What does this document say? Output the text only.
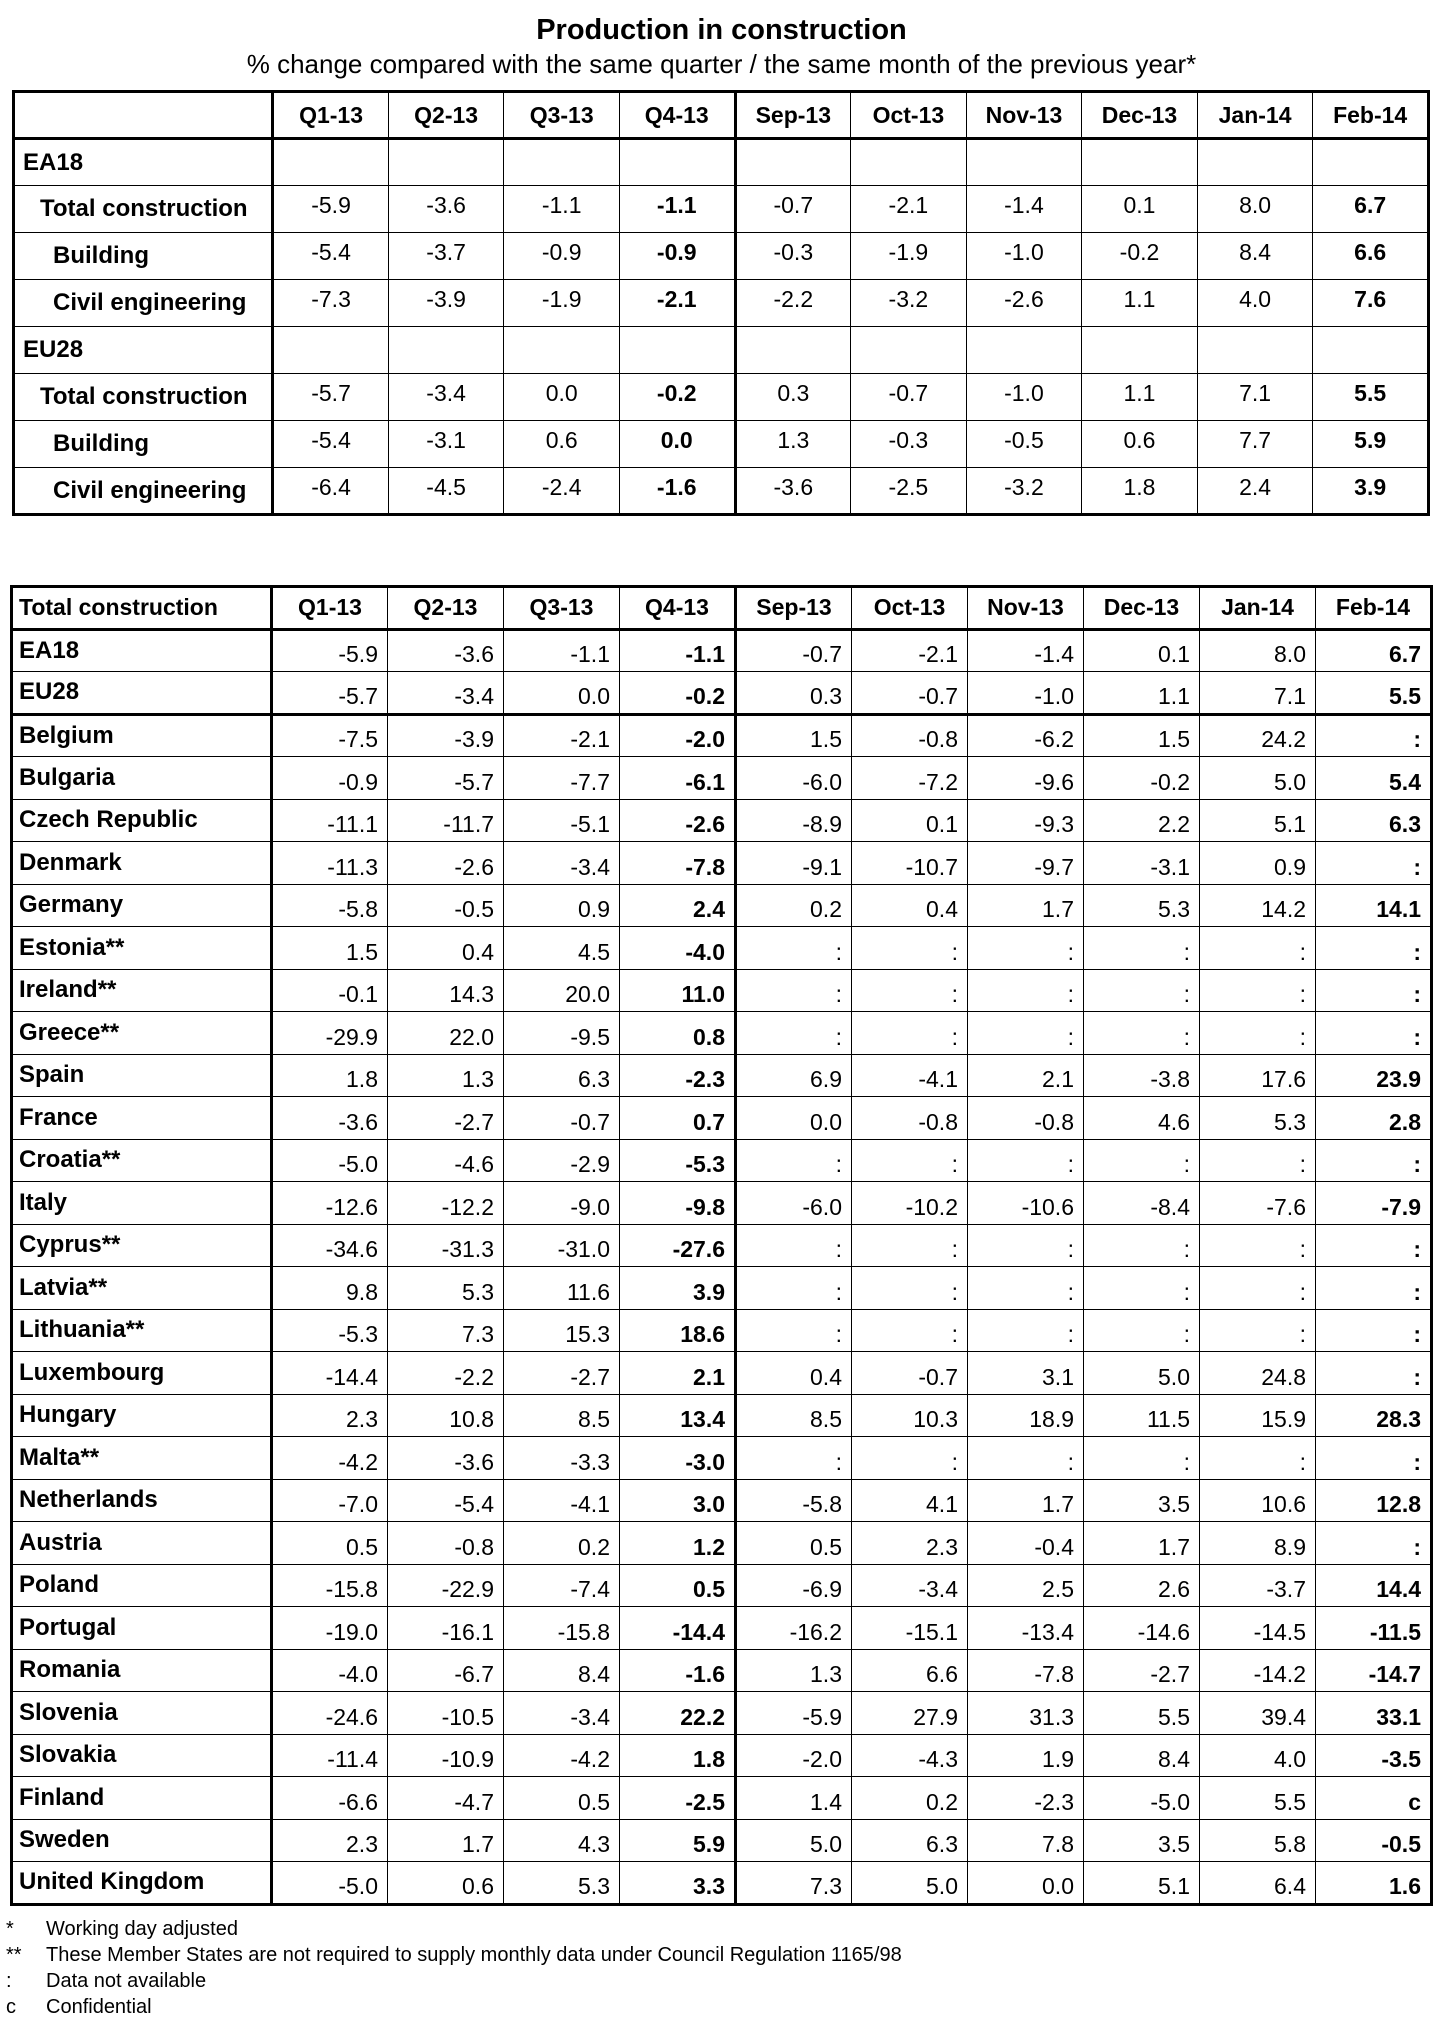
Production in construction
% change compared with the same quarter / the same month of the previous year*
	Q1-13	Q2-13	Q3-13	Q4-13	Sep-13	Oct-13	Nov-13	Dec-13	Jan-14	Feb-14
EA18										
Total construction	-5.9	-3.6	-1.1	-1.1	-0.7	-2.1	-1.4	0.1	8.0	6.7
Building	-5.4	-3.7	-0.9	-0.9	-0.3	-1.9	-1.0	-0.2	8.4	6.6
Civil engineering	-7.3	-3.9	-1.9	-2.1	-2.2	-3.2	-2.6	1.1	4.0	7.6
EU28										
Total construction	-5.7	-3.4	0.0	-0.2	0.3	-0.7	-1.0	1.1	7.1	5.5
Building	-5.4	-3.1	0.6	0.0	1.3	-0.3	-0.5	0.6	7.7	5.9
Civil engineering	-6.4	-4.5	-2.4	-1.6	-3.6	-2.5	-3.2	1.8	2.4	3.9
Total construction	Q1-13	Q2-13	Q3-13	Q4-13	Sep-13	Oct-13	Nov-13	Dec-13	Jan-14	Feb-14
EA18	-5.9	-3.6	-1.1	-1.1	-0.7	-2.1	-1.4	0.1	8.0	6.7
EU28	-5.7	-3.4	0.0	-0.2	0.3	-0.7	-1.0	1.1	7.1	5.5
Belgium	-7.5	-3.9	-2.1	-2.0	1.5	-0.8	-6.2	1.5	24.2	:
Bulgaria	-0.9	-5.7	-7.7	-6.1	-6.0	-7.2	-9.6	-0.2	5.0	5.4
Czech Republic	-11.1	-11.7	-5.1	-2.6	-8.9	0.1	-9.3	2.2	5.1	6.3
Denmark	-11.3	-2.6	-3.4	-7.8	-9.1	-10.7	-9.7	-3.1	0.9	:
Germany	-5.8	-0.5	0.9	2.4	0.2	0.4	1.7	5.3	14.2	14.1
Estonia**	1.5	0.4	4.5	-4.0	:	:	:	:	:	:
Ireland**	-0.1	14.3	20.0	11.0	:	:	:	:	:	:
Greece**	-29.9	22.0	-9.5	0.8	:	:	:	:	:	:
Spain	1.8	1.3	6.3	-2.3	6.9	-4.1	2.1	-3.8	17.6	23.9
France	-3.6	-2.7	-0.7	0.7	0.0	-0.8	-0.8	4.6	5.3	2.8
Croatia**	-5.0	-4.6	-2.9	-5.3	:	:	:	:	:	:
Italy	-12.6	-12.2	-9.0	-9.8	-6.0	-10.2	-10.6	-8.4	-7.6	-7.9
Cyprus**	-34.6	-31.3	-31.0	-27.6	:	:	:	:	:	:
Latvia**	9.8	5.3	11.6	3.9	:	:	:	:	:	:
Lithuania**	-5.3	7.3	15.3	18.6	:	:	:	:	:	:
Luxembourg	-14.4	-2.2	-2.7	2.1	0.4	-0.7	3.1	5.0	24.8	:
Hungary	2.3	10.8	8.5	13.4	8.5	10.3	18.9	11.5	15.9	28.3
Malta**	-4.2	-3.6	-3.3	-3.0	:	:	:	:	:	:
Netherlands	-7.0	-5.4	-4.1	3.0	-5.8	4.1	1.7	3.5	10.6	12.8
Austria	0.5	-0.8	0.2	1.2	0.5	2.3	-0.4	1.7	8.9	:
Poland	-15.8	-22.9	-7.4	0.5	-6.9	-3.4	2.5	2.6	-3.7	14.4
Portugal	-19.0	-16.1	-15.8	-14.4	-16.2	-15.1	-13.4	-14.6	-14.5	-11.5
Romania	-4.0	-6.7	8.4	-1.6	1.3	6.6	-7.8	-2.7	-14.2	-14.7
Slovenia	-24.6	-10.5	-3.4	22.2	-5.9	27.9	31.3	5.5	39.4	33.1
Slovakia	-11.4	-10.9	-4.2	1.8	-2.0	-4.3	1.9	8.4	4.0	-3.5
Finland	-6.6	-4.7	0.5	-2.5	1.4	0.2	-2.3	-5.0	5.5	c
Sweden	2.3	1.7	4.3	5.9	5.0	6.3	7.8	3.5	5.8	-0.5
United Kingdom	-5.0	0.6	5.3	3.3	7.3	5.0	0.0	5.1	6.4	1.6
*	Working day adjusted
**	These Member States are not required to supply monthly data under Council Regulation 1165/98
:	Data not available
c	Confidential
